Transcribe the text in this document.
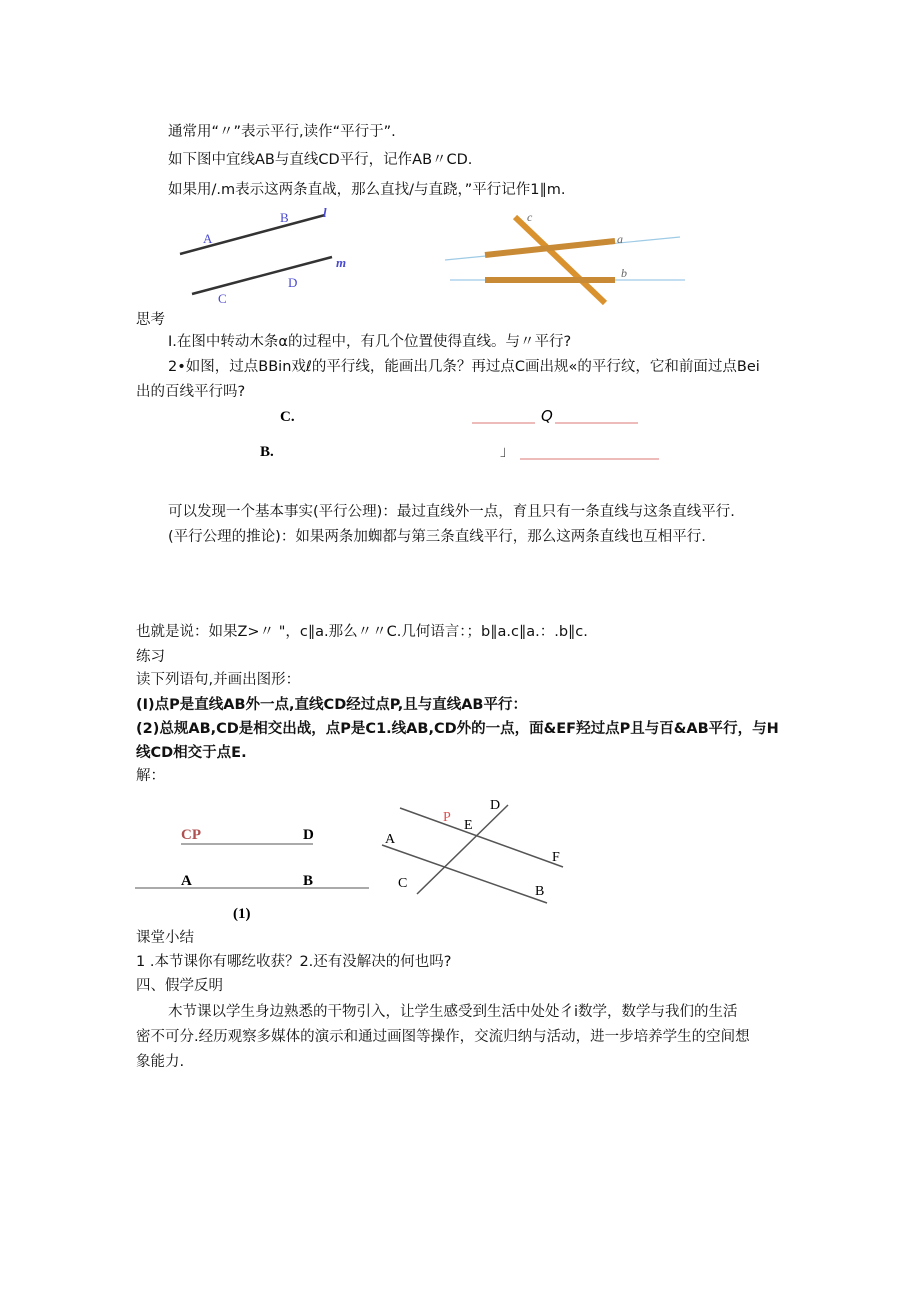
通常用“〃”表示平行,读作“平行于”.
如下图中宜线AB与直线CD平行，记作AB〃CD.
如果用/.m表示这两条直战，那么直找/与直跷，”平行记作1∥m.
A
B	l
C
D
m
c
a
b
思考
I.在图中转动木条α的过程中，有几个位置使得直线。与〃平行?
2•如图，过点BBin戏ℓ的平行线，能画出几条？再过点C画出规«的平行纹，它和前面过点Bei
出的百线平行吗?
C.
B.
Q
」
可以发现一个基本事实(平行公理)：最过直线外一点，育且只有一条直线与这条直线平行.
(平行公理的推论)：如果两条加蜘都与第三条直线平行，那么这两条直线也互相平行.
也就是说：如果Z>〃 "，c∥a.那么〃〃C.几何语言：；b∥a.c∥a.：.b∥c.
练习
读下列语句,并画出图形：
(I)点P是直线AB外一点,直线CD经过点P,且与直线AB平行：
(2)总规AB,CD是相交出战，点P是C1.线AB,CD外的一点，面&EF羟过点P且与百&AB平行，与H
线CD相交于点E.
解：
CP	D
A	B
(1)
D
P
E
A
F
C
B
课堂小结
1 .本节课你有哪纥收获？2.还有没解决的何也吗?
四、假学反明
木节课以学生身边熟悉的干物引入，让学生感受到生活中处处彳i数学，数学与我们的生活
密不可分.经历观察多媒体的演示和通过画图等操作，交流归纳与活动，进一步培养学生的空间想
象能力.
